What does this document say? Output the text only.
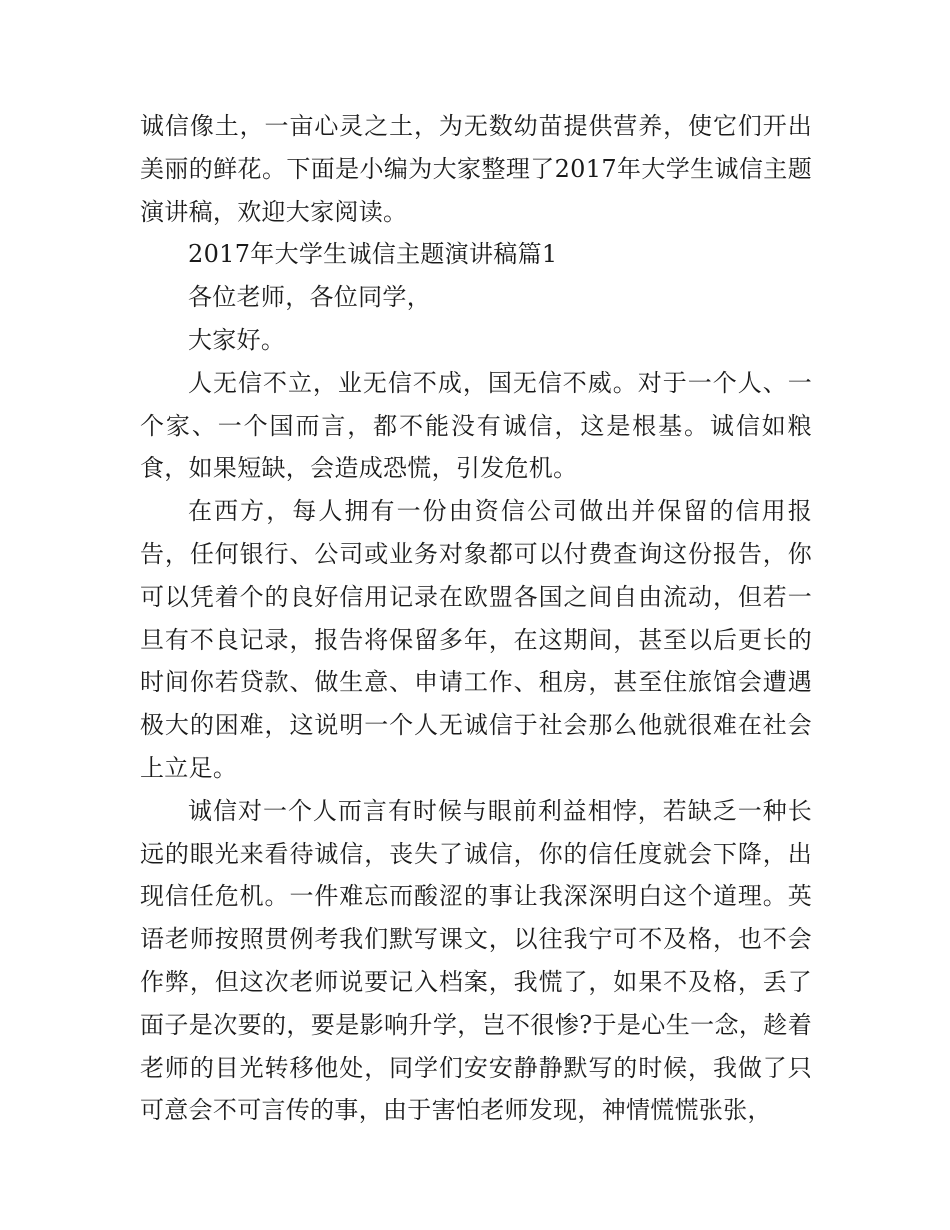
诚信像土，一亩心灵之土，为无数幼苗提供营养，使它们开出美丽的鲜花。下面是小编为大家整理了2017年大学生诚信主题演讲稿，欢迎大家阅读。

2017年大学生诚信主题演讲稿篇1

各位老师，各位同学，

大家好。

人无信不立，业无信不成，国无信不威。对于一个人、一个家、一个国而言，都不能没有诚信，这是根基。诚信如粮食，如果短缺，会造成恐慌，引发危机。

在西方，每人拥有一份由资信公司做出并保留的信用报告，任何银行、公司或业务对象都可以付费查询这份报告，你可以凭着个的良好信用记录在欧盟各国之间自由流动，但若一旦有不良记录，报告将保留多年，在这期间，甚至以后更长的时间你若贷款、做生意、申请工作、租房，甚至住旅馆会遭遇极大的困难，这说明一个人无诚信于社会那么他就很难在社会上立足。

诚信对一个人而言有时候与眼前利益相悖，若缺乏一种长远的眼光来看待诚信，丧失了诚信，你的信任度就会下降，出现信任危机。一件难忘而酸涩的事让我深深明白这个道理。英语老师按照贯例考我们默写课文，以往我宁可不及格，也不会作弊，但这次老师说要记入档案，我慌了，如果不及格，丢了面子是次要的，要是影响升学，岂不很惨?于是心生一念，趁着老师的目光转移他处，同学们安安静静默写的时候，我做了只可意会不可言传的事，由于害怕老师发现，神情慌慌张张，
